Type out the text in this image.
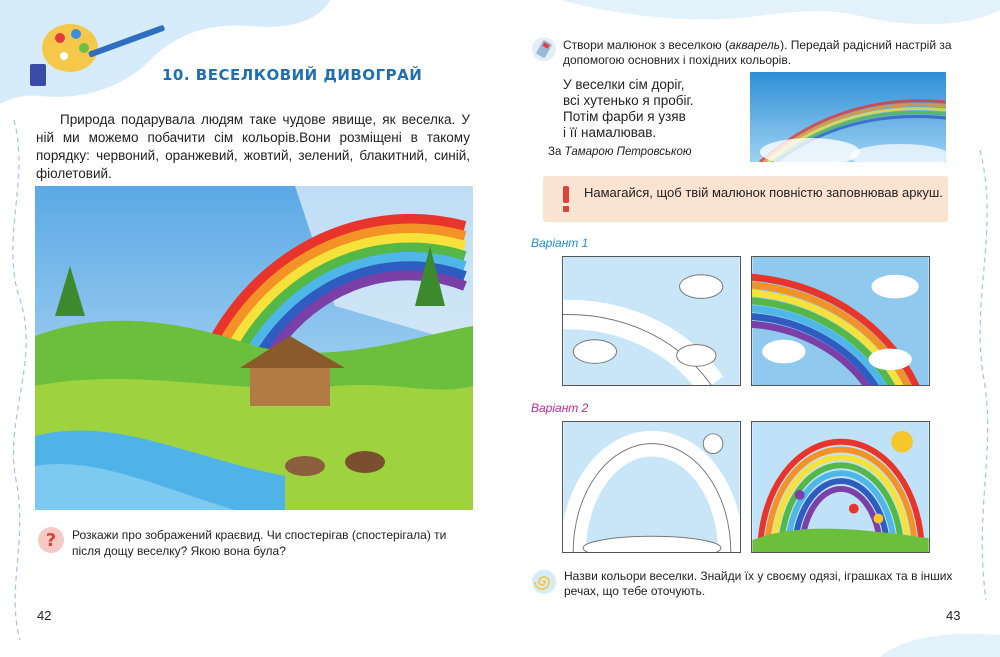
10. ВЕСЕЛКОВИЙ ДИВОГРАЙ
Природа подарувала людям таке чудове явище, як веселка. У ній ми можемо побачити сім кольорів.Вони розміщені в такому порядку: червоний, оранжевий, жовтий, зелений, блакитний, синій, фіолетовий.
? Розкажи про зображений краєвид. Чи спостерігав (спостерігала) ти після дощу веселку? Якою вона була?
42
Створи малюнок з веселкою (акварель). Передай радісний настрій за допомогою основних і похідних кольорів.
У веселки сім доріг,
всі хутенько я пробіг.
Потім фарби я узяв
і її намалював.
За Тамарою Петровською
Намагайся, щоб твій малюнок повністю заповнював аркуш.
Варіант 1
Варіант 2
Назви кольори веселки. Знайди їх у своєму одязі, іграшках та в інших речах, що тебе оточують.
43
